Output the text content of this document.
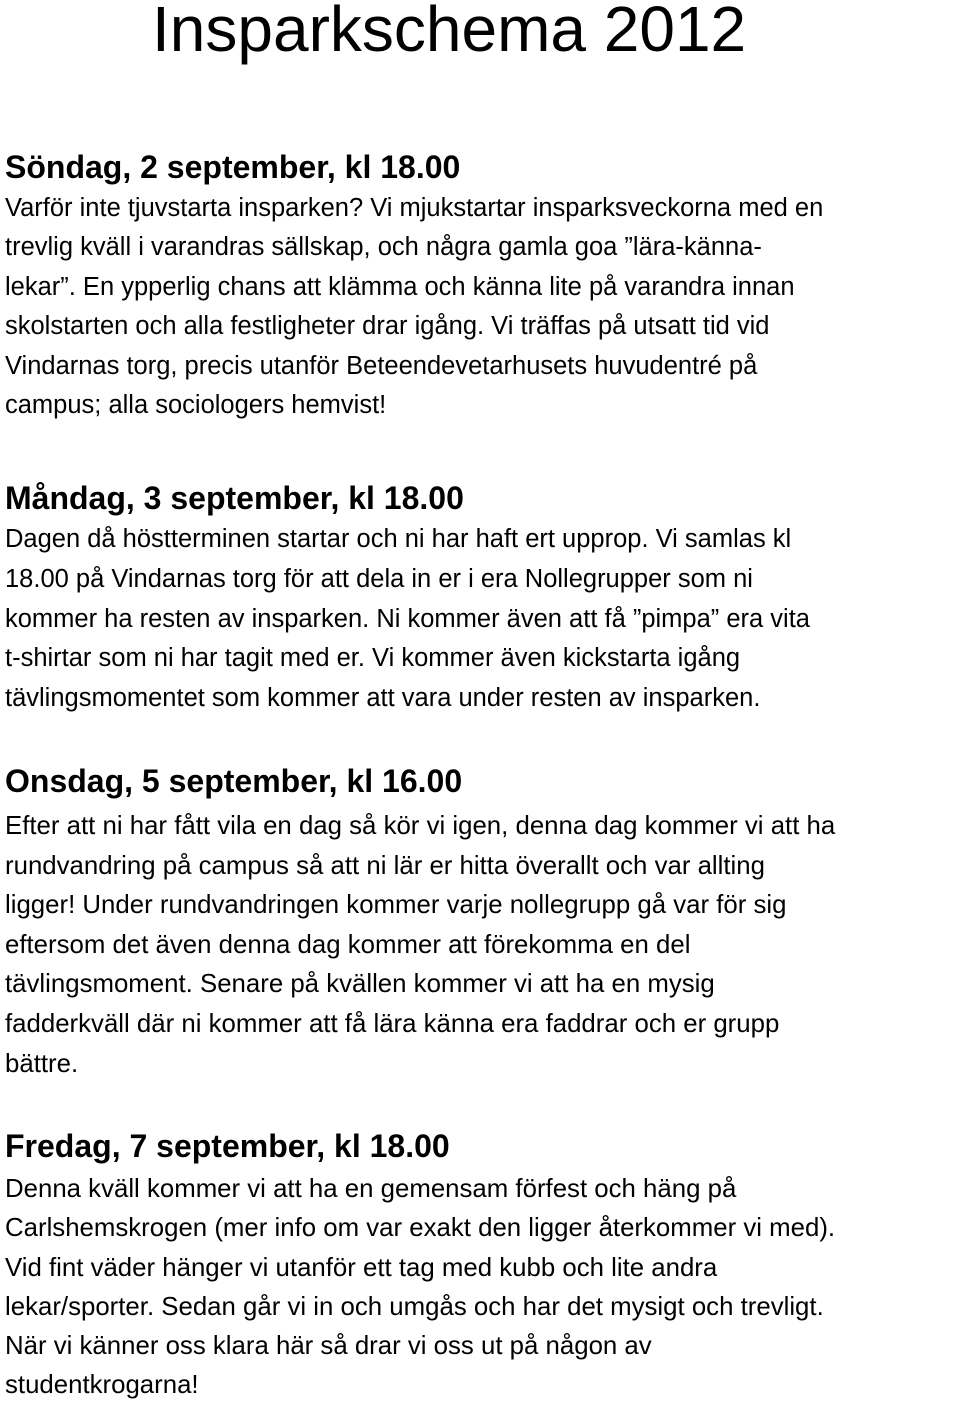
Insparkschema 2012
Söndag, 2 september, kl 18.00

Varför inte tjuvstarta insparken? Vi mjukstartar insparksveckorna med en
trevlig kväll i varandras sällskap, och några gamla goa ”lära-känna-
lekar”. En ypperlig chans att klämma och känna lite på varandra innan
skolstarten och alla festligheter drar igång. Vi träffas på utsatt tid vid
Vindarnas torg, precis utanför Beteendevetarhusets huvudentré på
campus; alla sociologers hemvist!

Måndag, 3 september, kl 18.00

Dagen då höstterminen startar och ni har haft ert upprop. Vi samlas kl
18.00 på Vindarnas torg för att dela in er i era Nollegrupper som ni
kommer ha resten av insparken. Ni kommer även att få ”pimpa” era vita
t-shirtar som ni har tagit med er. Vi kommer även kickstarta igång
tävlingsmomentet som kommer att vara under resten av insparken.

Onsdag, 5 september, kl 16.00

Efter att ni har fått vila en dag så kör vi igen, denna dag kommer vi att ha
rundvandring på campus så att ni lär er hitta överallt och var allting
ligger! Under rundvandringen kommer varje nollegrupp gå var för sig
eftersom det även denna dag kommer att förekomma en del
tävlingsmoment. Senare på kvällen kommer vi att ha en mysig
fadderkväll där ni kommer att få lära känna era faddrar och er grupp
bättre.

Fredag, 7 september, kl 18.00

Denna kväll kommer vi att ha en gemensam förfest och häng på
Carlshemskrogen (mer info om var exakt den ligger återkommer vi med).
Vid fint väder hänger vi utanför ett tag med kubb och lite andra
lekar/sporter. Sedan går vi in och umgås och har det mysigt och trevligt.
När vi känner oss klara här så drar vi oss ut på någon av
studentkrogarna!
